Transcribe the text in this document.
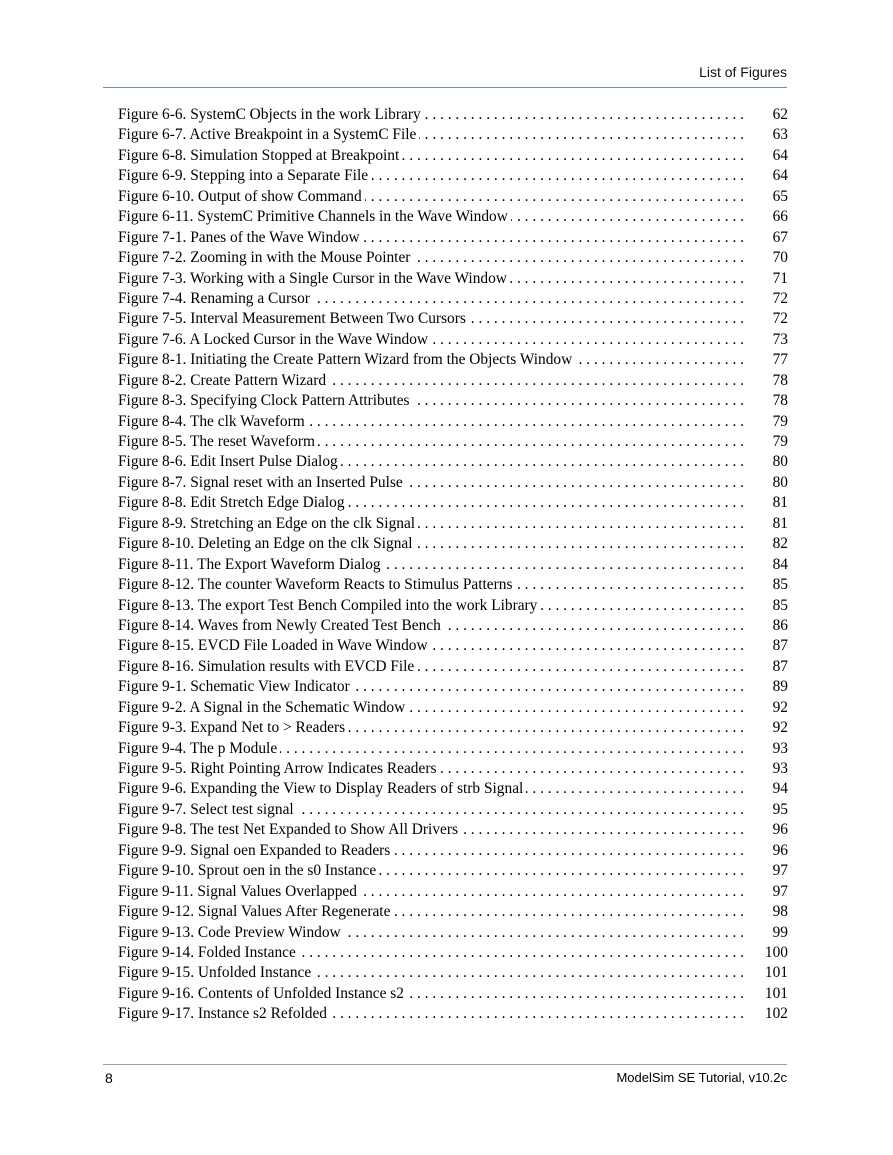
List of Figures
Figure 6-6. SystemC Objects in the work Library . . .	62
Figure 6-7. Active Breakpoint in a SystemC File . . .	63
Figure 6-8. Simulation Stopped at Breakpoint . . .	64
Figure 6-9. Stepping into a Separate File . . .	64
Figure 6-10. Output of show Command . . .	65
Figure 6-11. SystemC Primitive Channels in the Wave Window . . .	66
Figure 7-1. Panes of the Wave Window . . .	67
Figure 7-2. Zooming in with the Mouse Pointer . . .	70
Figure 7-3. Working with a Single Cursor in the Wave Window . . .	71
Figure 7-4. Renaming a Cursor . . .	72
Figure 7-5. Interval Measurement Between Two Cursors . . .	72
Figure 7-6. A Locked Cursor in the Wave Window . . .	73
Figure 8-1. Initiating the Create Pattern Wizard from the Objects Window . . .	77
Figure 8-2. Create Pattern Wizard . . .	78
Figure 8-3. Specifying Clock Pattern Attributes . . .	78
Figure 8-4. The clk Waveform . . .	79
Figure 8-5. The reset Waveform . . .	79
Figure 8-6. Edit Insert Pulse Dialog . . .	80
Figure 8-7. Signal reset with an Inserted Pulse . . .	80
Figure 8-8. Edit Stretch Edge Dialog . . .	81
Figure 8-9. Stretching an Edge on the clk Signal . . .	81
Figure 8-10. Deleting an Edge on the clk Signal . . .	82
Figure 8-11. The Export Waveform Dialog . . .	84
Figure 8-12. The counter Waveform Reacts to Stimulus Patterns . . .	85
Figure 8-13. The export Test Bench Compiled into the work Library . . .	85
Figure 8-14. Waves from Newly Created Test Bench . . .	86
Figure 8-15. EVCD File Loaded in Wave Window . . .	87
Figure 8-16. Simulation results with EVCD File . . .	87
Figure 9-1. Schematic View Indicator . . .	89
Figure 9-2. A Signal in the Schematic Window . . .	92
Figure 9-3. Expand Net to > Readers . . .	92
Figure 9-4. The p Module . . .	93
Figure 9-5. Right Pointing Arrow Indicates Readers . . .	93
Figure 9-6. Expanding the View to Display Readers of strb Signal . . .	94
Figure 9-7. Select test signal . . .	95
Figure 9-8. The test Net Expanded to Show All Drivers . . .	96
Figure 9-9. Signal oen Expanded to Readers . . .	96
Figure 9-10. Sprout oen in the s0 Instance . . .	97
Figure 9-11. Signal Values Overlapped . . .	97
Figure 9-12. Signal Values After Regenerate . . .	98
Figure 9-13. Code Preview Window . . .	99
Figure 9-14. Folded Instance . . .	100
Figure 9-15. Unfolded Instance . . .	101
Figure 9-16. Contents of Unfolded Instance s2 . . .	101
Figure 9-17. Instance s2 Refolded . . .	102
8	ModelSim SE Tutorial, v10.2c
